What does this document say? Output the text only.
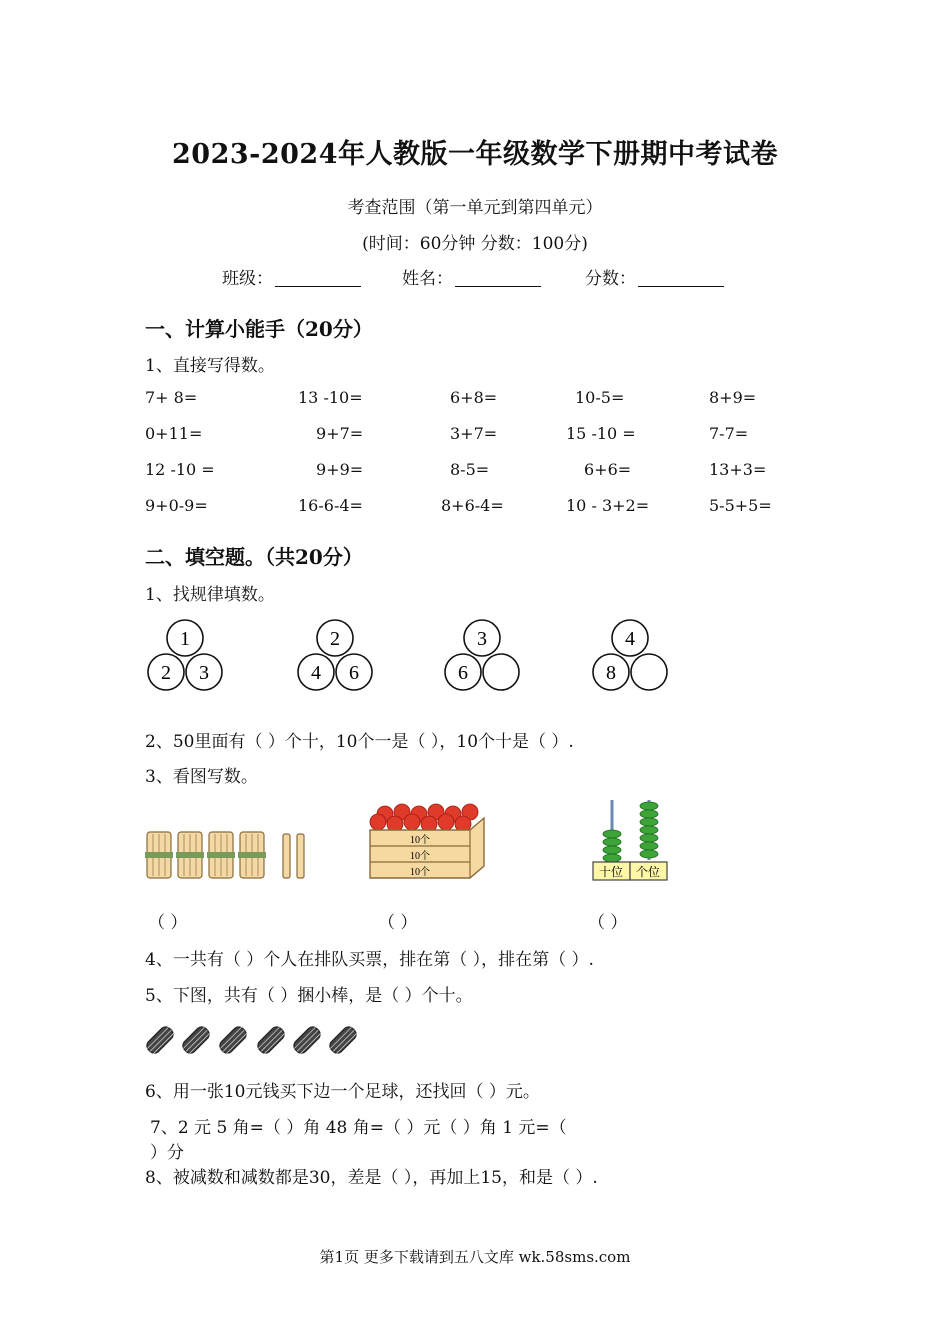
2023-2024年人教版一年级数学下册期中考试卷
考查范围（第一单元到第四单元）
(时间：60分钟 分数：100分)
班级：	姓名：	分数：
一、计算小能手（20分）
1、直接写得数。
7+ 8=	13 -10=	6+8=	10-5=	8+9=
0+11=	9+7=	3+7=	15 -10 =	7-7=
12 -10 =	9+9=	8-5=	6+6=	13+3=
9+0-9=	16-6-4=	8+6-4=	10 - 3+2=	5-5+5=
二、填空题。（共20分）
1、找规律填数。
1
2 3
2
4 6
3
6
4
8
10个
10个
10个	十位 个位
2、50里面有（ ）个十，10个一是（ ），10个十是（ ）.
3、看图写数。
（ ）	（ ）	（ ）
4、一共有（ ）个人在排队买票，排在第（ ），排在第（ ）.
5、下图，共有（ ）捆小棒，是（ ）个十。
6、用一张10元钱买下边一个足球，还找回（ ）元。
7、2 元 5 角=（ ）角 48 角=（ ）元（ ）角 1 元=（
）分
8、被减数和减数都是30，差是（ ），再加上15，和是（ ）.
第1页 更多下载请到五八文库 wk.58sms.com
